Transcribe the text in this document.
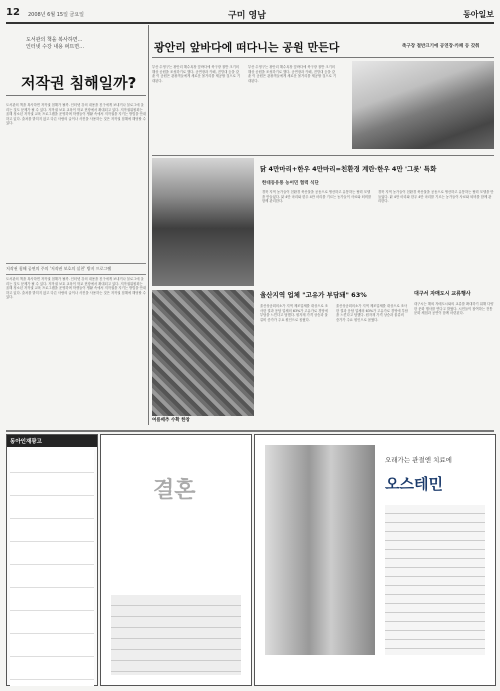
12 2008년 6월 15일 금요일	구미 영남	동아일보
도서관의 책을 복사하면…
인터넷 수강 내용 퍼뜨면…
저작권 침해일까?
도서관의 책을 복사하면 저작권 침해가 될까. 인터넷 강의 내용을 친구에게 보내거나 블로그에 올리는 것도 문제가 될 수 있다. 저작권 보호 교육이 학교 현장에서 확대되고 있다. 저작권위원회는 올해 청소년 저작권 교육 프로그램을 운영하며 학생들이 생활 속에서 저작권을 지키는 방법을 안내하고 있다. 출처를 밝히지 않고 다른 사람의 글이나 사진을 사용하는 것은 저작권 침해에 해당할 수 있다.
저작권 침해 공연의 주의 '저작권 보호의 실천' 방지 프로그램
도서관의 책을 복사하면 저작권 침해가 될까. 인터넷 강의 내용을 친구에게 보내거나 블로그에 올리는 것도 문제가 될 수 있다. 저작권 보호 교육이 학교 현장에서 확대되고 있다. 저작권위원회는 올해 청소년 저작권 교육 프로그램을 운영하며 학생들이 생활 속에서 저작권을 지키는 방법을 안내하고 있다. 출처를 밝히지 않고 다른 사람의 글이나 사진을 사용하는 것은 저작권 침해에 해당할 수 있다.
광안리 앞바다에 떠다니는 공원 만든다	축구장 절반크기에 공연장·카페 등 갖춰
부산 수영구는 광안리 해수욕장 앞바다에 축구장 절반 크기의 해상 공원을 조성하기로 했다. 공연장과 카페, 전망대 등을 갖춘 이 공원은 관광객들에게 새로운 볼거리를 제공할 것으로 기대된다.
부산 수영구는 광안리 해수욕장 앞바다에 축구장 절반 크기의 해상 공원을 조성하기로 했다. 공연장과 카페, 전망대 등을 갖춘 이 공원은 관광객들에게 새로운 볼거리를 제공할 것으로 기대된다.
닭 4만마리+한우 4만마리=친환경 계란·한우 4만 '그릇' 특화
한대동유통 농어민 협력 식단
경북 지역 농가들이 친환경 축산물을 공동으로 생산하고 유통하는 협력 모델을 만들었다. 닭 4만 마리와 한우 4만 마리를 기르는 농가들이 사료와 퇴비를 함께 관리한다.
경북 지역 농가들이 친환경 축산물을 공동으로 생산하고 유통하는 협력 모델을 만들었다. 닭 4만 마리와 한우 4만 마리를 기르는 농가들이 사료와 퇴비를 함께 관리한다.
여름배추 수확 한창
울산지역 업체 "고유가 부담돼" 63%
울산상공회의소가 지역 제조업체를 대상으로 조사한 결과 응답 업체의 63%가 고유가로 경영에 부담을 느낀다고 답했다. 원자재 가격 상승과 물류비 증가가 주요 원인으로 꼽혔다.
울산상공회의소가 지역 제조업체를 대상으로 조사한 결과 응답 업체의 63%가 고유가로 경영에 부담을 느낀다고 답했다. 원자재 가격 상승과 물류비 증가가 주요 원인으로 꼽혔다.
대구서 자매도시 교류행사
대구시는 해외 자매도시와의 교류를 확대하기 위해 다양한 문화 행사를 연다고 밝혔다. 시민들이 참여하는 전통문화 체험과 공연이 함께 마련된다.
동아인재광고
결혼
오래가는 관절엔 치료에
오스테민
